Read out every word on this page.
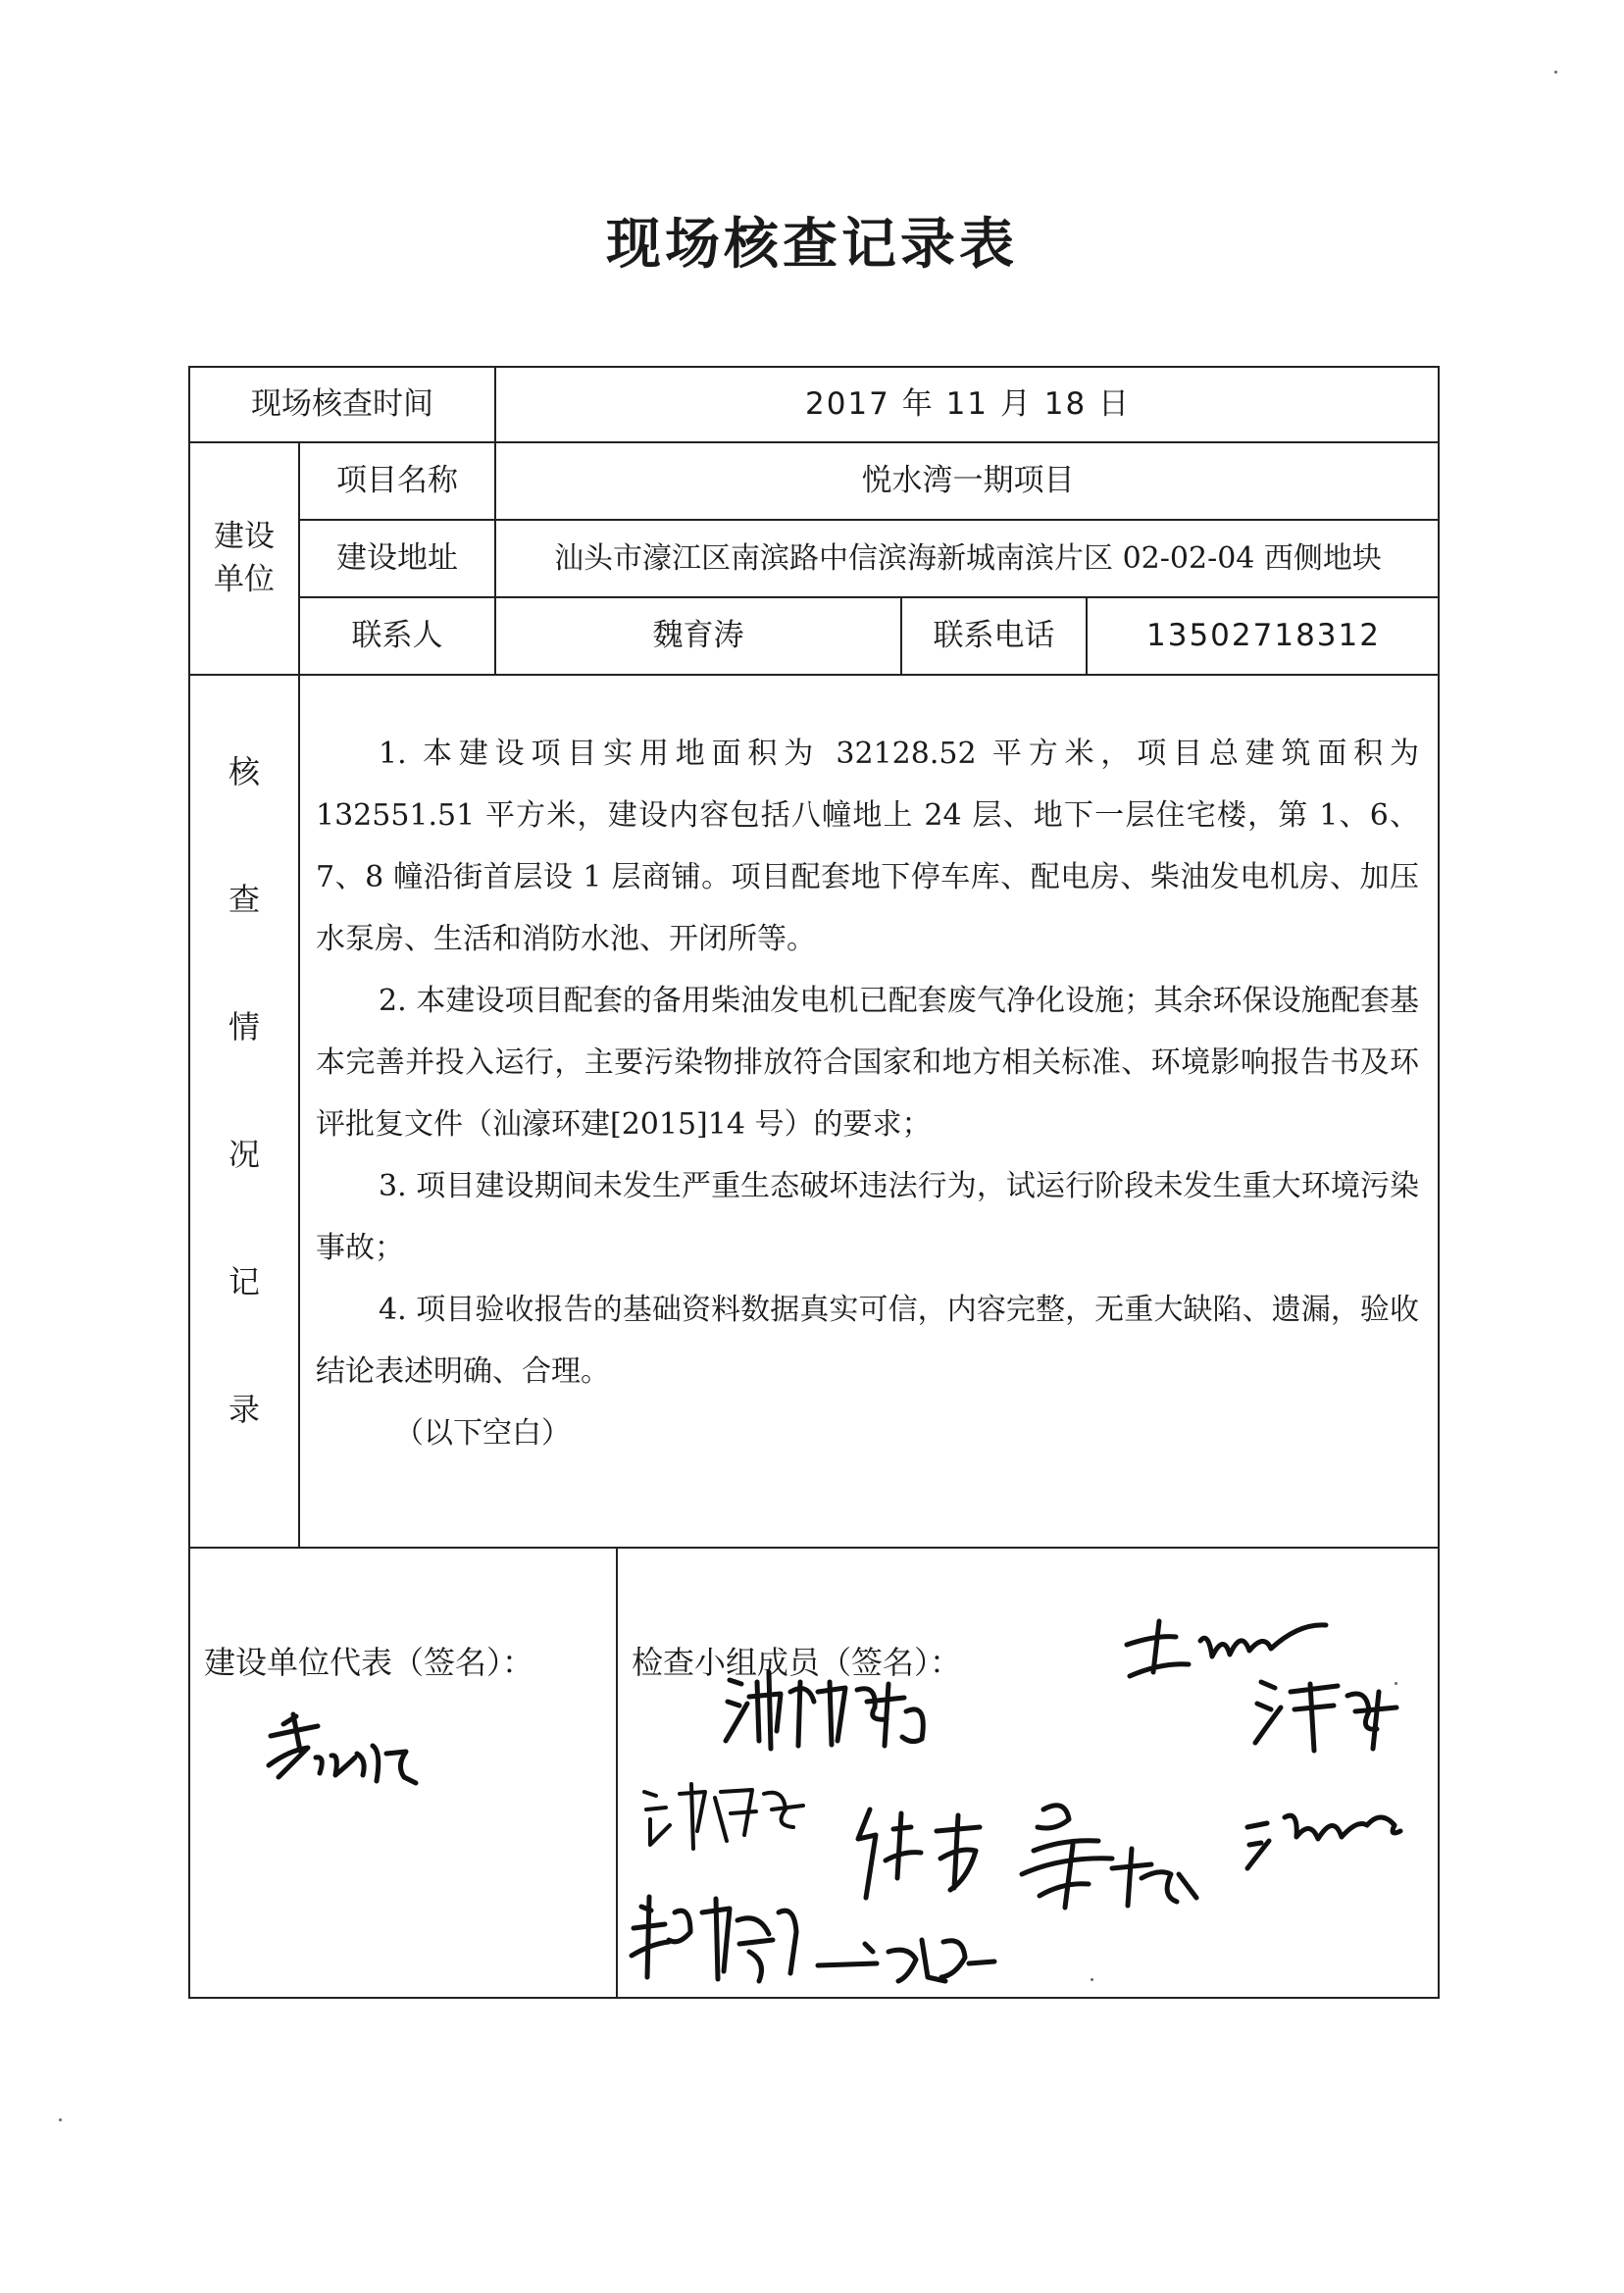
现场核查记录表
现场核查时间	2017 年 11 月 18 日
建设
单位
项目名称	悦水湾一期项目
建设地址	汕头市濠江区南滨路中信滨海新城南滨片区 02-02-04 西侧地块
联系人	魏育涛	联系电话	13502718312
核
查
情
况
记
录

1. 本建设项目实用地面积为 32128.52 平方米，项目总建筑面积为 132551.51 平方米，建设内容包括八幢地上 24 层、地下一层住宅楼，第 1、6、7、8 幢沿街首层设 1 层商铺。项目配套地下停车库、配电房、柴油发电机房、加压水泵房、生活和消防水池、开闭所等。

2. 本建设项目配套的备用柴油发电机已配套废气净化设施；其余环保设施配套基本完善并投入运行，主要污染物排放符合国家和地方相关标准、环境影响报告书及环评批复文件（汕濠环建[2015]14 号）的要求；

3. 项目建设期间未发生严重生态破坏违法行为，试运行阶段未发生重大环境污染事故；

4. 项目验收报告的基础资料数据真实可信，内容完整，无重大缺陷、遗漏，验收结论表述明确、合理。

（以下空白）

建设单位代表（签名）：	检查小组成员（签名）：
